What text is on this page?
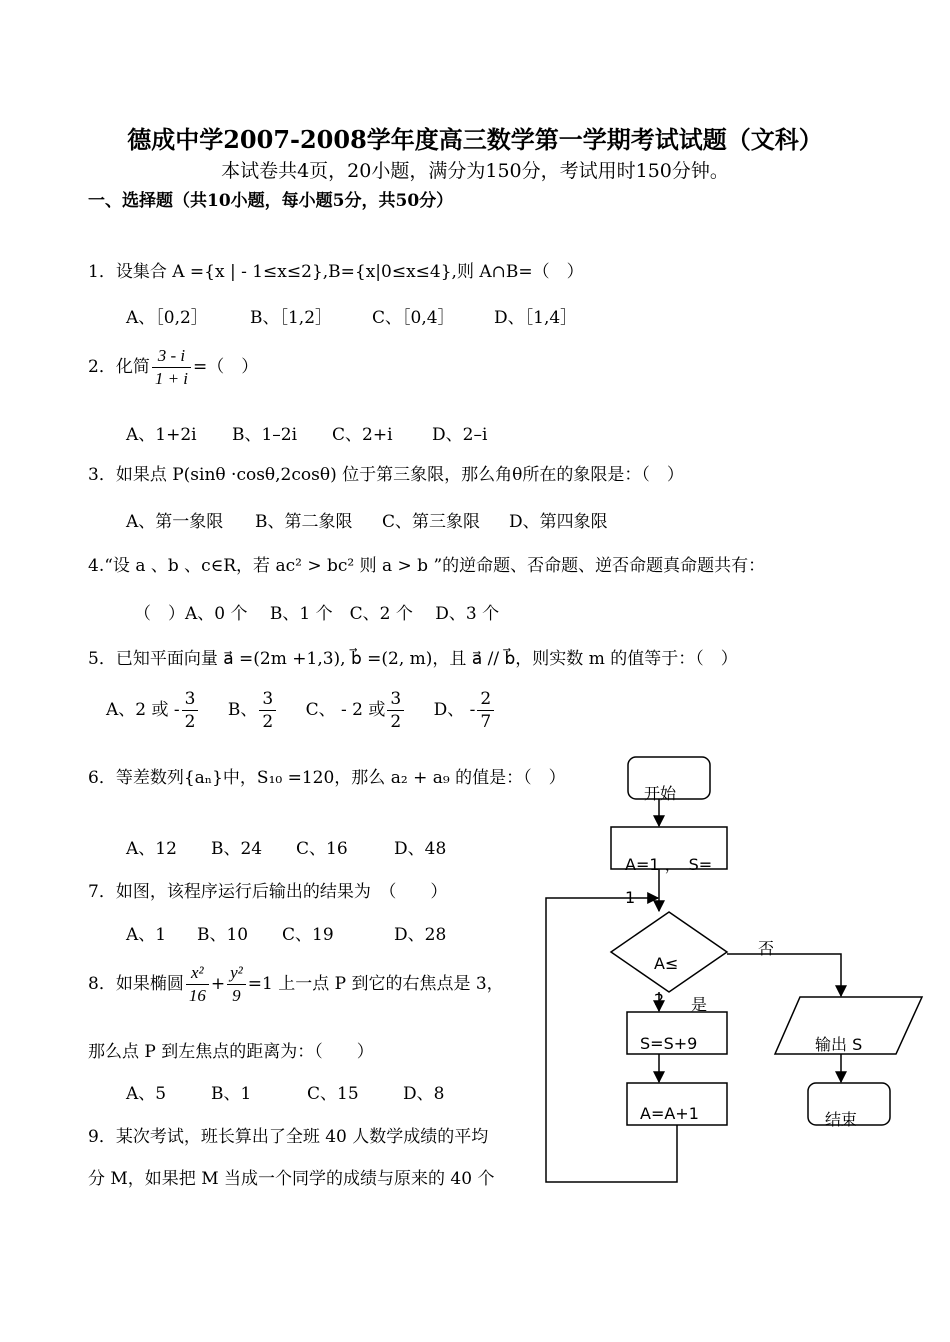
德成中学2007-2008学年度高三数学第一学期考试试题（文科）
本试卷共4页，20小题，满分为150分，考试用时150分钟。
一、选择题（共10小题，每小题5分，共50分）
1．设集合 A ={x | - 1≤x≤2},B={x|0≤x≤4},则 A∩B=（　）
A、［0,2］ B、［1,2］ C、［0,4］ D、［1,4］
2．化简 $\frac{3 - i}{1 + i}$ =（　）
A、1+2i B、1–2i C、2+i D、2–i
3．如果点 P(sinθ ·cosθ,2cosθ) 位于第三象限，那么角θ所在的象限是：（　）
A、第一象限 B、第二象限 C、第三象限 D、第四象限
4.“设 a 、b 、c∈R，若 ac² > bc² 则 a > b ”的逆命题、否命题、逆否命题真命题共有：
（　）A、0 个　 B、1 个　C、2 个　 D、3 个
5．已知平面向量 a⃗ =(2m +1,3), b⃗ =(2, m)，且 a⃗ // b⃗，则实数 m 的值等于：（　）
A、2 或 - $\frac{3}{2}$ B、 $\frac{3}{2}$ C、 - 2 或 $\frac{3}{2}$ D、 - $\frac{2}{7}$
6．等差数列{aₙ}中，S₁₀ =120，那么 a₂ + a₉ 的值是：（　）
A、12 B、24 C、16	D、48
7．如图，该程序运行后输出的结果为　（　　）
A、1 B、10 C、19	D、28
8．如果椭圆 $\frac{\text{x²}}{16} + \frac{\text{y²}}{9} =1$ 上一点 P 到它的右焦点是 3，
那么点 P 到左焦点的距离为：（　　）
A、5	B、1	C、15	D、8
9．某次考试，班长算出了全班 40 人数学成绩的平均
分 M，如果把 M 当成一个同学的成绩与原来的 40 个
开始
A=1 ，　S=
1
A≤
2
否
是
S=S+9
A=A+1
输出 S
结束
